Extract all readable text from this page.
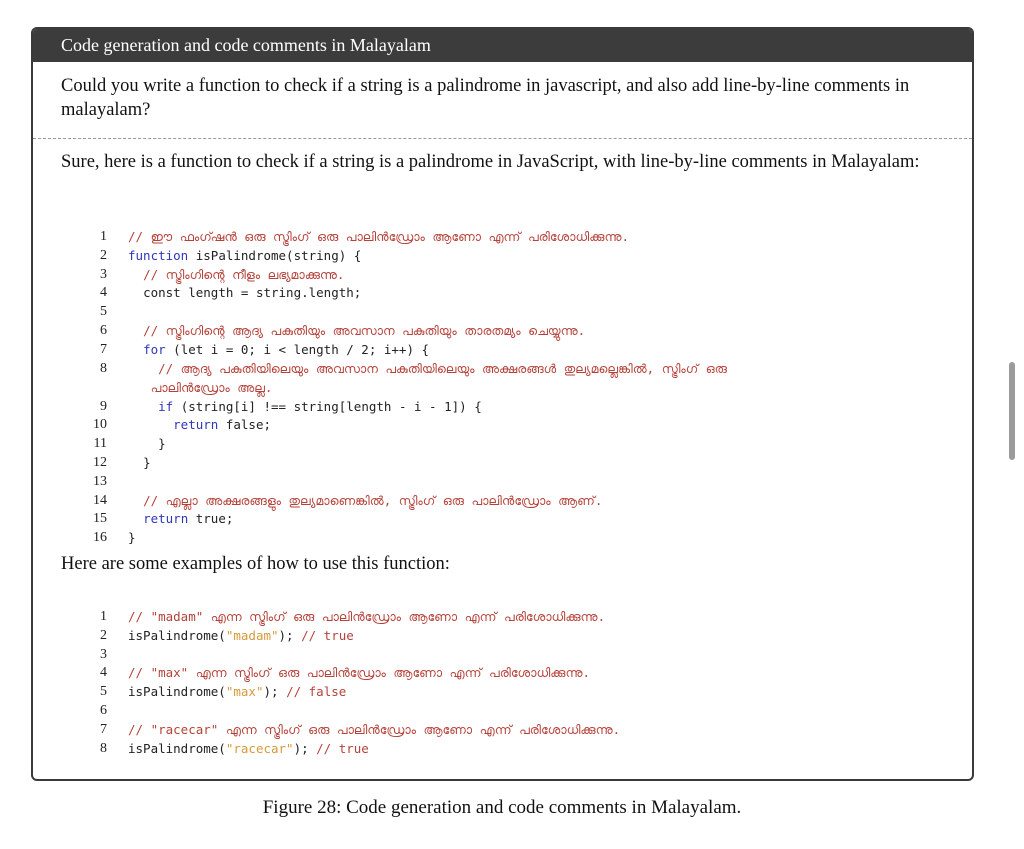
Code generation and code comments in Malayalam
Could you write a function to check if a string is a palindrome in javascript, and also add line-by-line comments in malayalam?
Sure, here is a function to check if a string is a palindrome in JavaScript, with line-by-line comments in Malayalam:
1 // ഈ ഫംഗ്ഷൻ ഒരു സ്ട്രിംഗ് ഒരു പാലിൻഡ്രോം ആണോ എന്ന് പരിശോധിക്കുന്നു.
2 function isPalindrome(string) {
3	// സ്ട്രിംഗിന്റെ നീളം ലഭ്യമാക്കുന്നു.
4	const length = string.length;
5
6	// സ്ട്രിംഗിന്റെ ആദ്യ പകുതിയും അവസാന പകുതിയും താരതമ്യം ചെയ്യുന്നു.
7	for (let i = 0; i < length / 2; i++) {
8	// ആദ്യ പകുതിയിലെയും അവസാന പകുതിയിലെയും അക്ഷരങ്ങൾ തുല്യമല്ലെങ്കിൽ, സ്ട്രിംഗ് ഒരു
പാലിൻഡ്രോം അല്ല.
9	if (string[i] !== string[length - i - 1]) {
10	return false;
11	}
12	}
13
14	// എല്ലാ അക്ഷരങ്ങളും തുല്യമാണെങ്കിൽ, സ്ട്രിംഗ് ഒരു പാലിൻഡ്രോം ആണ്.
15	return true;
16 }
Here are some examples of how to use this function:
1 // "madam" എന്ന സ്ട്രിംഗ് ഒരു പാലിൻഡ്രോം ആണോ എന്ന് പരിശോധിക്കുന്നു.
2 isPalindrome("madam"); // true
3
4 // "max" എന്ന സ്ട്രിംഗ് ഒരു പാലിൻഡ്രോം ആണോ എന്ന് പരിശോധിക്കുന്നു.
5 isPalindrome("max"); // false
6
7 // "racecar" എന്ന സ്ട്രിംഗ് ഒരു പാലിൻഡ്രോം ആണോ എന്ന് പരിശോധിക്കുന്നു.
8 isPalindrome("racecar"); // true
Figure 28: Code generation and code comments in Malayalam.
